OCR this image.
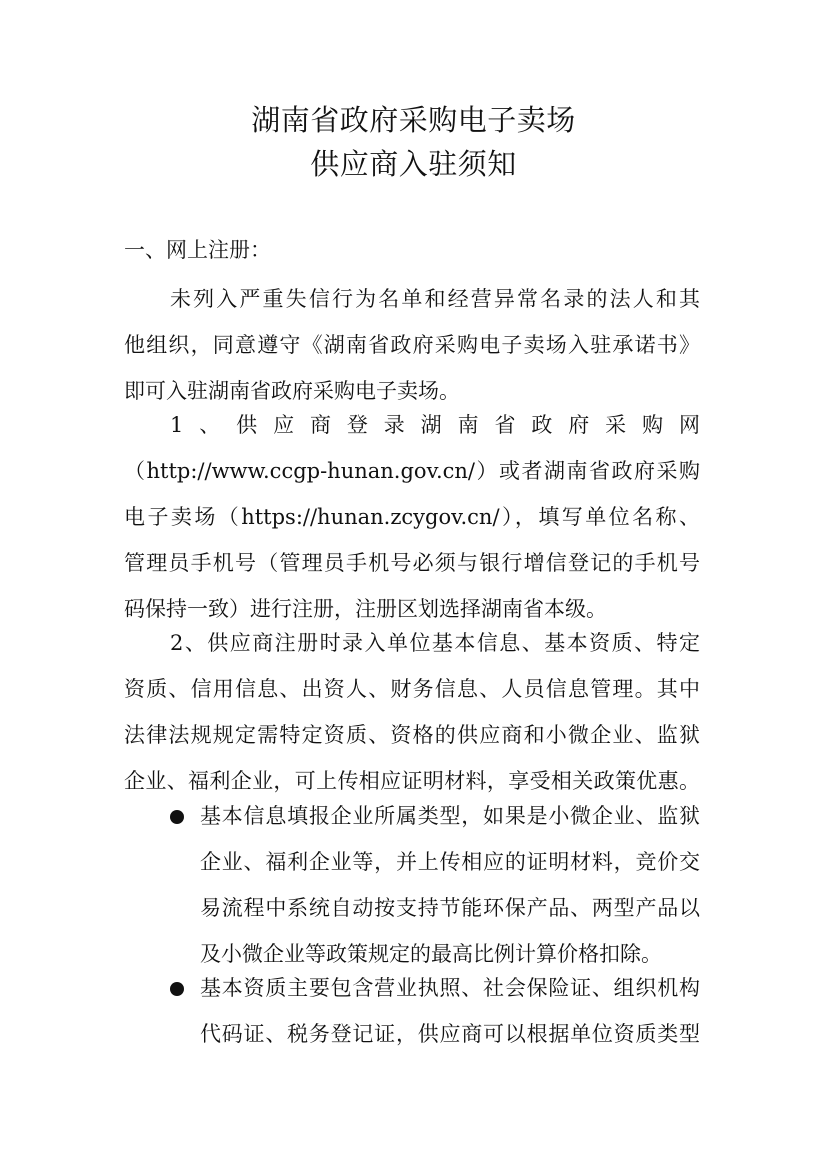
湖南省政府采购电子卖场
供应商入驻须知
一、网上注册：
未列入严重失信行为名单和经营异常名录的法人和其
他组织，同意遵守《湖南省政府采购电子卖场入驻承诺书》
即可入驻湖南省政府采购电子卖场。
1、供应商登录湖南省政府采购网
（http://www.ccgp-hunan.gov.cn/）或者湖南省政府采购
电子卖场（https://hunan.zcygov.cn/），填写单位名称、
管理员手机号（管理员手机号必须与银行增信登记的手机号
码保持一致）进行注册，注册区划选择湖南省本级。
2、供应商注册时录入单位基本信息、基本资质、特定
资质、信用信息、出资人、财务信息、人员信息管理。其中
法律法规规定需特定资质、资格的供应商和小微企业、监狱
企业、福利企业，可上传相应证明材料，享受相关政策优惠。
基本信息填报企业所属类型，如果是小微企业、监狱
企业、福利企业等，并上传相应的证明材料，竞价交
易流程中系统自动按支持节能环保产品、两型产品以
及小微企业等政策规定的最高比例计算价格扣除。
基本资质主要包含营业执照、社会保险证、组织机构
代码证、税务登记证，供应商可以根据单位资质类型
